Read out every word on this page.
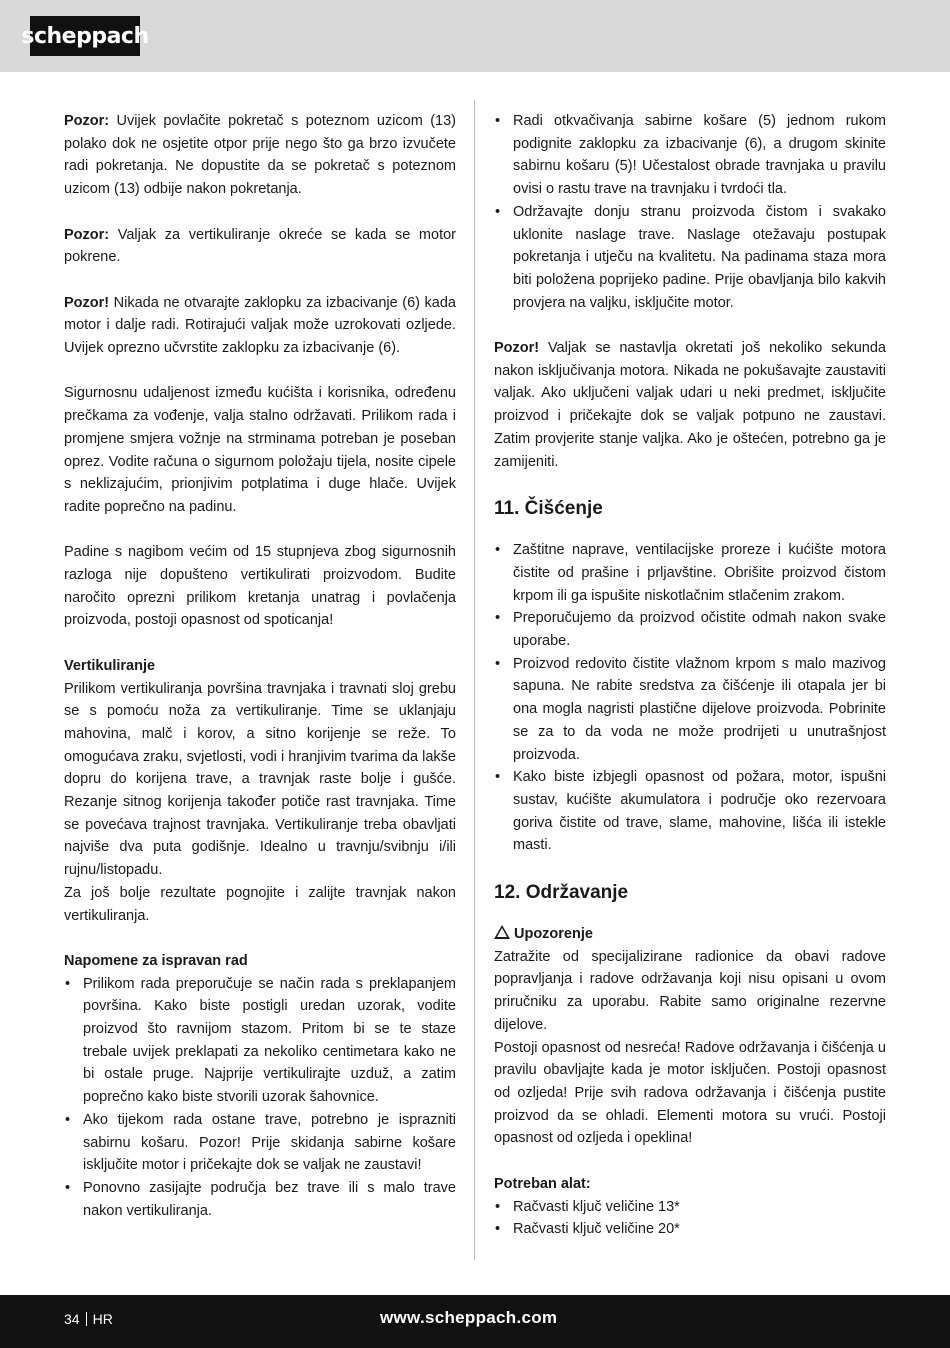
scheppach

Pozor: Uvijek povlačite pokretač s poteznom uzicom (13) polako dok ne osjetite otpor prije nego što ga brzo izvučete radi pokretanja. Ne dopustite da se pokretač s poteznom uzicom (13) odbije nakon pokretanja.

Pozor: Valjak za vertikuliranje okreće se kada se motor pokrene.

Pozor! Nikada ne otvarajte zaklopku za izbacivanje (6) kada motor i dalje radi. Rotirajući valjak može uzrokovati ozljede. Uvijek oprezno učvrstite zaklopku za izbacivanje (6).

Sigurnosnu udaljenost između kućišta i korisnika, određenu prečkama za vođenje, valja stalno održavati. Prilikom rada i promjene smjera vožnje na strminama potreban je poseban oprez. Vodite računa o sigurnom položaju tijela, nosite cipele s neklizajućim, prionjivim potplatima i duge hlače. Uvijek radite poprečno na padinu.

Padine s nagibom većim od 15 stupnjeva zbog sigurnosnih razloga nije dopušteno vertikulirati proizvodom. Budite naročito oprezni prilikom kretanja unatrag i povlačenja proizvoda, postoji opasnost od spoticanja!

Vertikuliranje

Prilikom vertikuliranja površina travnjaka i travnati sloj grebu se s pomoću noža za vertikuliranje. Time se uklanjaju mahovina, malč i korov, a sitno korijenje se reže. To omogućava zraku, svjetlosti, vodi i hranjivim tvarima da lakše dopru do korijena trave, a travnjak raste bolje i gušće. Rezanje sitnog korijenja također potiče rast travnjaka. Time se povećava trajnost travnjaka. Vertikuliranje treba obavljati najviše dva puta godišnje. Idealno u travnju/svibnju i/ili rujnu/listopadu.

Za još bolje rezultate pognojite i zalijte travnjak nakon vertikuliranja.

Napomene za ispravan rad

• Prilikom rada preporučuje se način rada s preklapanjem površina. Kako biste postigli uredan uzorak, vodite proizvod što ravnijom stazom. Pritom bi se te staze trebale uvijek preklapati za nekoliko centimetara kako ne bi ostale pruge. Najprije vertikulirajte uzduž, a zatim poprečno kako biste stvorili uzorak šahovnice.
• Ako tijekom rada ostane trave, potrebno je isprazniti sabirnu košaru. Pozor! Prije skidanja sabirne košare isključite motor i pričekajte dok se valjak ne zaustavi!
• Ponovno zasijajte područja bez trave ili s malo trave nakon vertikuliranja.
• Radi otkvačivanja sabirne košare (5) jednom rukom podignite zaklopku za izbacivanje (6), a drugom skinite sabirnu košaru (5)! Učestalost obrade travnjaka u pravilu ovisi o rastu trave na travnjaku i tvrdoći tla.
• Održavajte donju stranu proizvoda čistom i svakako uklonite naslage trave. Naslage otežavaju postupak pokretanja i utječu na kvalitetu. Na padinama staza mora biti položena poprijeko padine. Prije obavljanja bilo kakvih provjera na valjku, isključite motor.

Pozor! Valjak se nastavlja okretati još nekoliko sekunda nakon isključivanja motora. Nikada ne pokušavajte zaustaviti valjak. Ako uključeni valjak udari u neki predmet, isključite proizvod i pričekajte dok se valjak potpuno ne zaustavi. Zatim provjerite stanje valjka. Ako je oštećen, potrebno ga je zamijeniti.

11. Čišćenje
• Zaštitne naprave, ventilacijske proreze i kućište motora čistite od prašine i prljavštine. Obrišite proizvod čistom krpom ili ga ispušite niskotlačnim stlačenim zrakom.
• Preporučujemo da proizvod očistite odmah nakon svake uporabe.
• Proizvod redovito čistite vlažnom krpom s malo mazivog sapuna. Ne rabite sredstva za čišćenje ili otapala jer bi ona mogla nagristi plastične dijelove proizvoda. Pobrinite se za to da voda ne može prodrijeti u unutrašnjost proizvoda.
• Kako biste izbjegli opasnost od požara, motor, ispušni sustav, kućište akumulatora i područje oko rezervoara goriva čistite od trave, slame, mahovine, lišća ili istekle masti.
12. Održavanje

Upozorenje

Zatražite od specijalizirane radionice da obavi radove popravljanja i radove održavanja koji nisu opisani u ovom priručniku za uporabu. Rabite samo originalne rezervne dijelove.

Postoji opasnost od nesreća! Radove održavanja i čišćenja u pravilu obavljajte kada je motor isključen. Postoji opasnost od ozljeda! Prije svih radova održavanja i čišćenja pustite proizvod da se ohladi. Elementi motora su vrući. Postoji opasnost od ozljeda i opeklina!

Potreban alat:

• Račvasti ključ veličine 13*
• Račvasti ključ veličine 20*
34 HR	www.scheppach.com
